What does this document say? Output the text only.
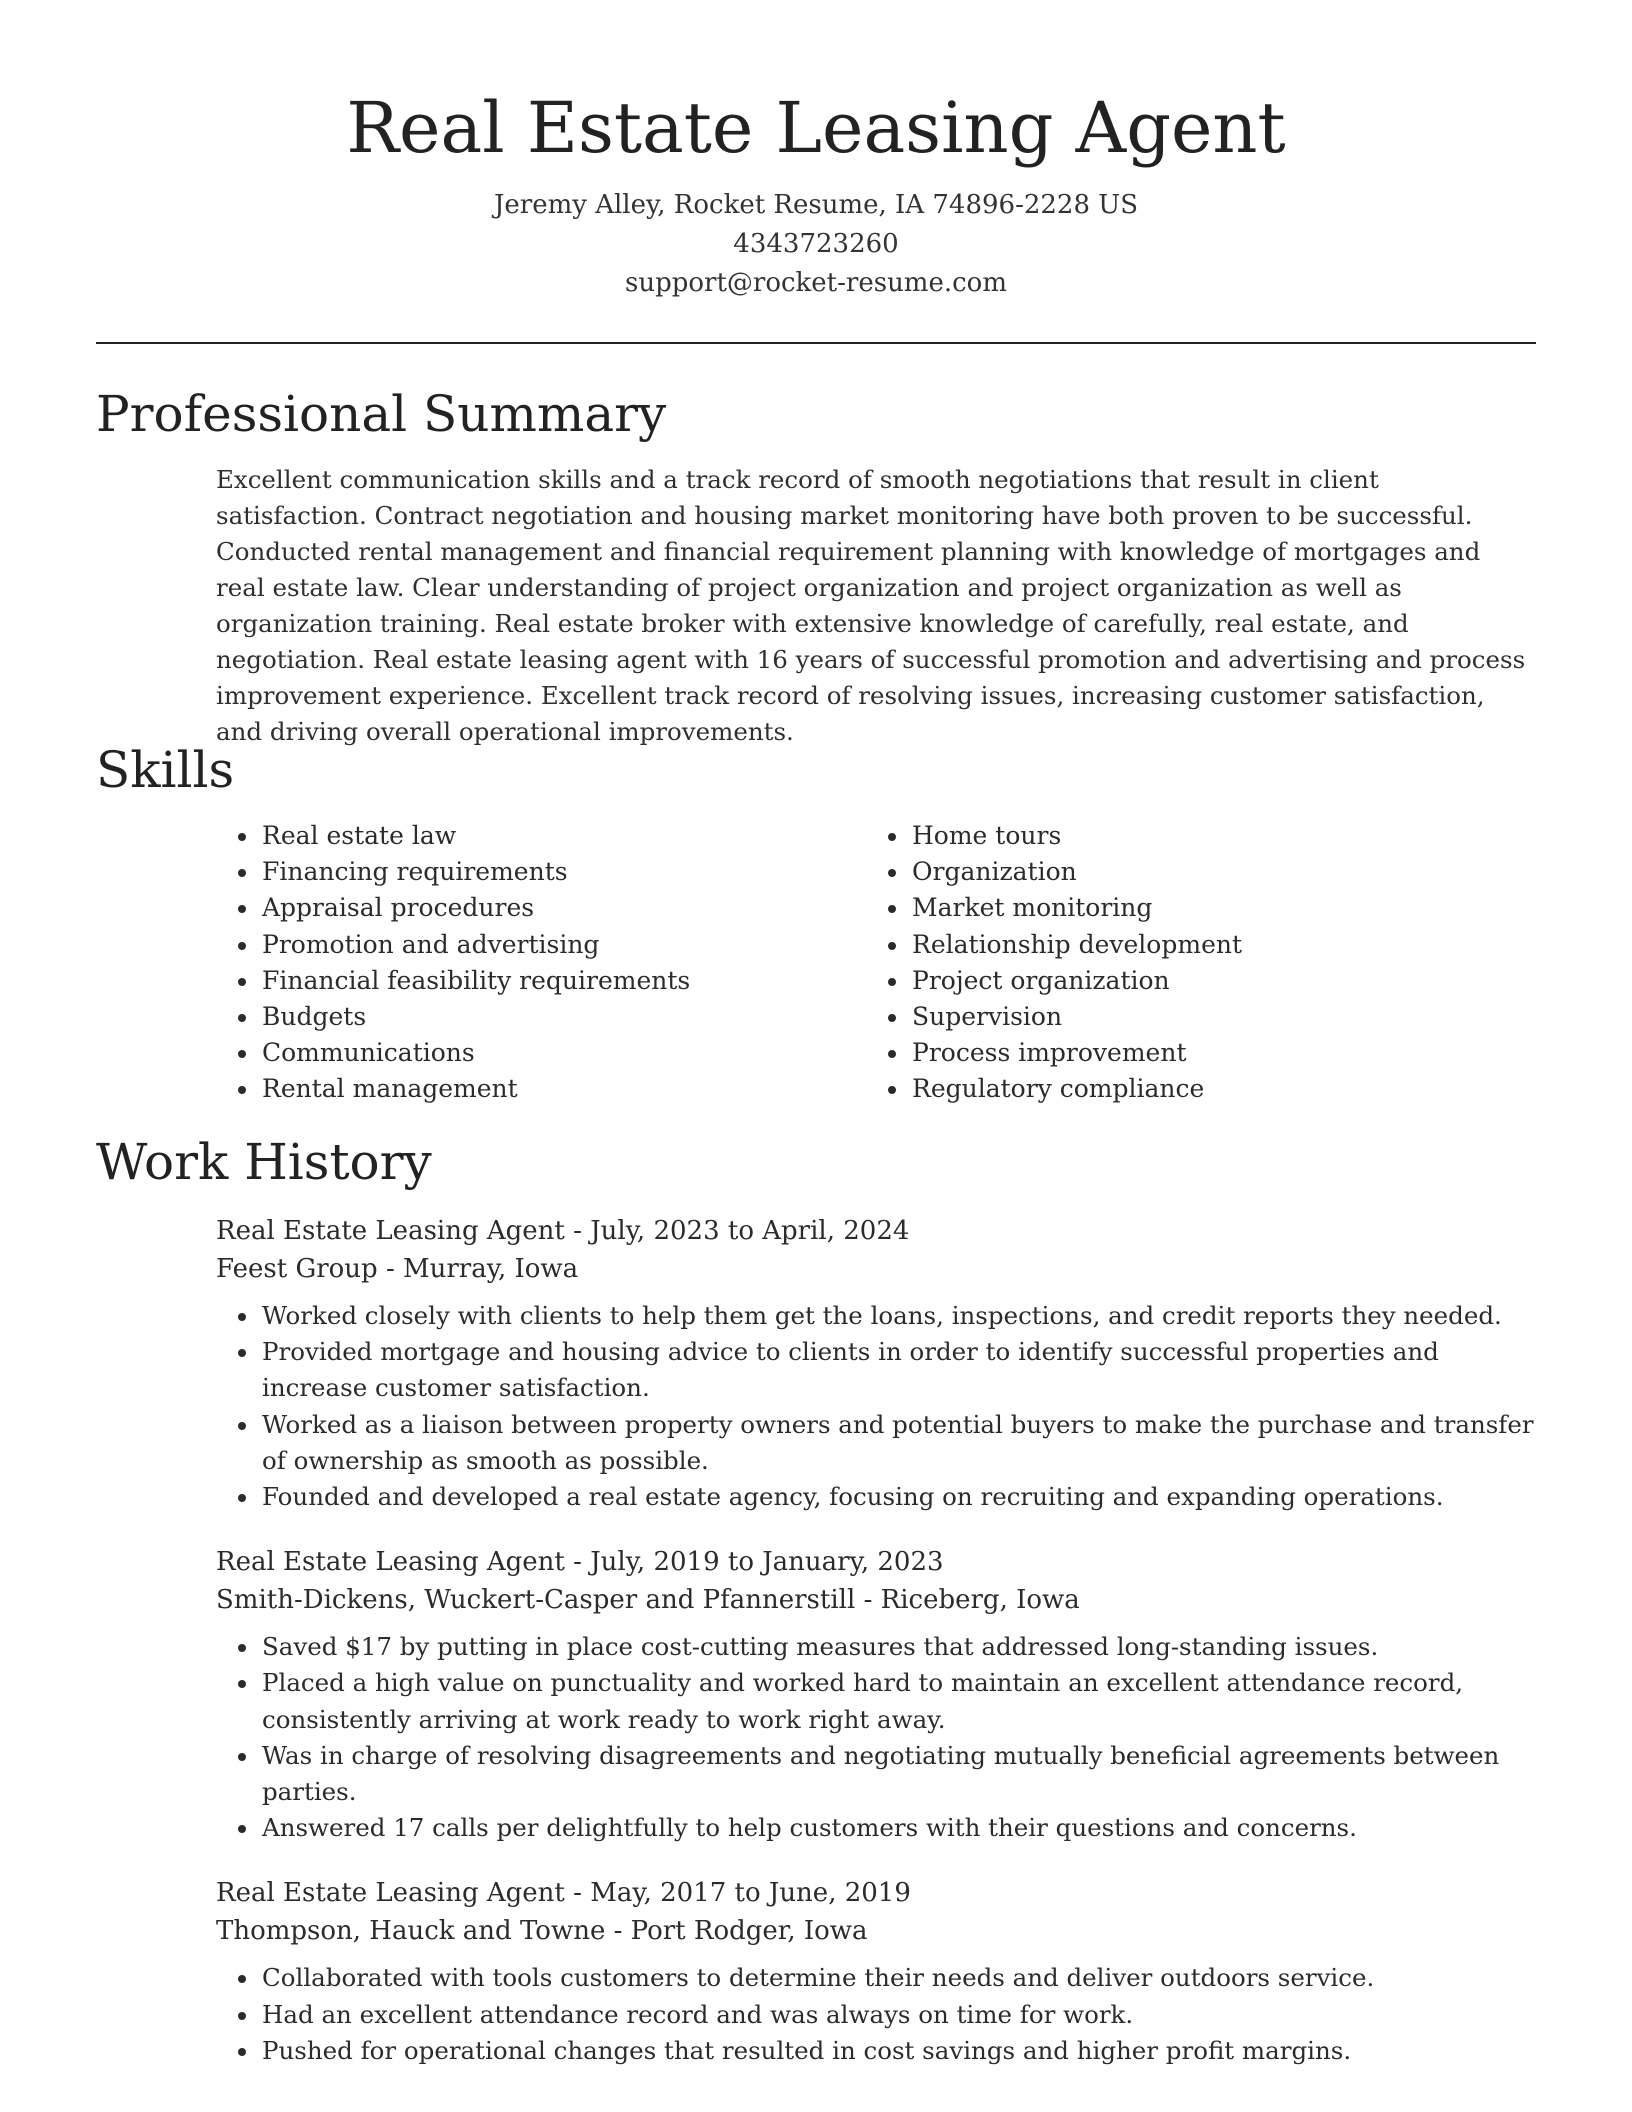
Real Estate Leasing Agent
Jeremy Alley, Rocket Resume, IA 74896-2228 US
4343723260
support@rocket-resume.com
Professional Summary

Excellent communication skills and a track record of smooth negotiations that result in client satisfaction. Contract negotiation and housing market monitoring have both proven to be successful. Conducted rental management and financial requirement planning with knowledge of mortgages and real estate law. Clear understanding of project organization and project organization as well as organization training. Real estate broker with extensive knowledge of carefully, real estate, and negotiation. Real estate leasing agent with 16 years of successful promotion and advertising and process improvement experience. Excellent track record of resolving issues, increasing customer satisfaction, and driving overall operational improvements.

Skills
• Real estate law
• Financing requirements
• Appraisal procedures
• Promotion and advertising
• Financial feasibility requirements
• Budgets
• Communications
• Rental management
• Home tours
• Organization
• Market monitoring
• Relationship development
• Project organization
• Supervision
• Process improvement
• Regulatory compliance
Work History
Real Estate Leasing Agent - July, 2023 to April, 2024
Feest Group - Murray, Iowa
• Worked closely with clients to help them get the loans, inspections, and credit reports they needed.
• Provided mortgage and housing advice to clients in order to identify successful properties and increase customer satisfaction.
• Worked as a liaison between property owners and potential buyers to make the purchase and transfer of ownership as smooth as possible.
• Founded and developed a real estate agency, focusing on recruiting and expanding operations.
Real Estate Leasing Agent - July, 2019 to January, 2023
Smith-Dickens, Wuckert-Casper and Pfannerstill - Riceberg, Iowa
• Saved $17 by putting in place cost-cutting measures that addressed long-standing issues.
• Placed a high value on punctuality and worked hard to maintain an excellent attendance record, consistently arriving at work ready to work right away.
• Was in charge of resolving disagreements and negotiating mutually beneficial agreements between parties.
• Answered 17 calls per delightfully to help customers with their questions and concerns.
Real Estate Leasing Agent - May, 2017 to June, 2019
Thompson, Hauck and Towne - Port Rodger, Iowa
• Collaborated with tools customers to determine their needs and deliver outdoors service.
• Had an excellent attendance record and was always on time for work.
• Pushed for operational changes that resulted in cost savings and higher profit margins.
